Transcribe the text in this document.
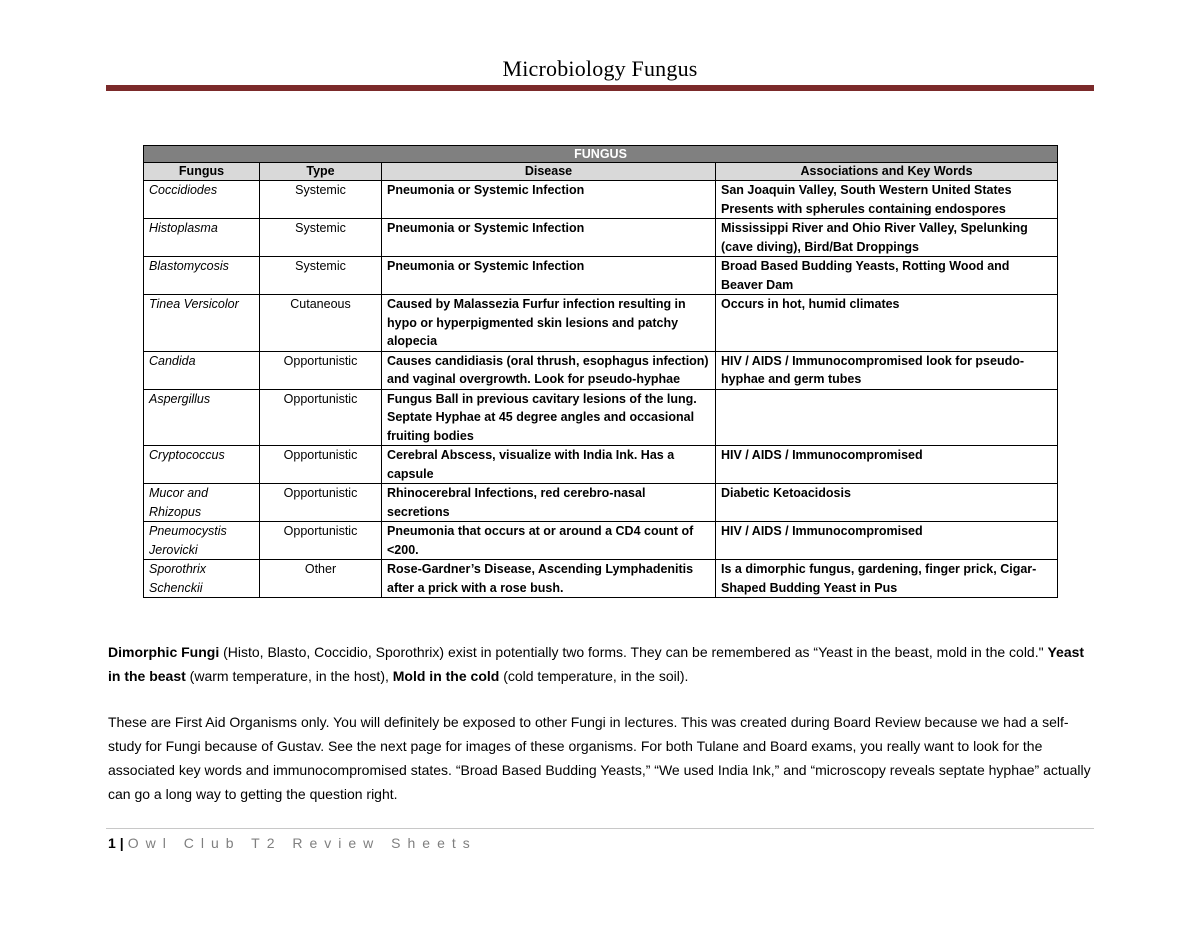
Microbiology Fungus
FUNGUS			
Fungus	Type	Disease	Associations and Key Words
Coccidiodes	Systemic	Pneumonia or Systemic Infection	San Joaquin Valley, South Western United States Presents with spherules containing endospores
Histoplasma	Systemic	Pneumonia or Systemic Infection	Mississippi River and Ohio River Valley, Spelunking (cave diving), Bird/Bat Droppings
Blastomycosis	Systemic	Pneumonia or Systemic Infection	Broad Based Budding Yeasts, Rotting Wood and Beaver Dam
Tinea Versicolor	Cutaneous	Caused by Malassezia Furfur infection resulting in hypo or hyperpigmented skin lesions and patchy alopecia	Occurs in hot, humid climates
Candida	Opportunistic	Causes candidiasis (oral thrush, esophagus infection) and vaginal overgrowth. Look for pseudo-hyphae	HIV / AIDS / Immunocompromised look for pseudo-hyphae and germ tubes
Aspergillus	Opportunistic	Fungus Ball in previous cavitary lesions of the lung. Septate Hyphae at 45 degree angles and occasional fruiting bodies	
Cryptococcus	Opportunistic	Cerebral Abscess, visualize with India Ink. Has a capsule	HIV / AIDS / Immunocompromised
Mucor and Rhizopus	Opportunistic	Rhinocerebral Infections, red cerebro-nasal secretions	Diabetic Ketoacidosis
Pneumocystis Jerovicki	Opportunistic	Pneumonia that occurs at or around a CD4 count of <200.	HIV / AIDS / Immunocompromised
Sporothrix Schenckii	Other	Rose-Gardner’s Disease, Ascending Lymphadenitis after a prick with a rose bush.	Is a dimorphic fungus, gardening, finger prick, Cigar-Shaped Budding Yeast in Pus
Dimorphic Fungi (Histo, Blasto, Coccidio, Sporothrix) exist in potentially two forms. They can be remembered as “Yeast in the beast, mold in the cold." Yeast in the beast (warm temperature, in the host), Mold in the cold (cold temperature, in the soil).
These are First Aid Organisms only. You will definitely be exposed to other Fungi in lectures. This was created during Board Review because we had a self-study for Fungi because of Gustav. See the next page for images of these organisms. For both Tulane and Board exams, you really want to look for the associated key words and immunocompromised states. “Broad Based Budding Yeasts,” “We used India Ink,” and “microscopy reveals septate hyphae” actually can go a long way to getting the question right.
1 | Owl Club T2 Review Sheets
